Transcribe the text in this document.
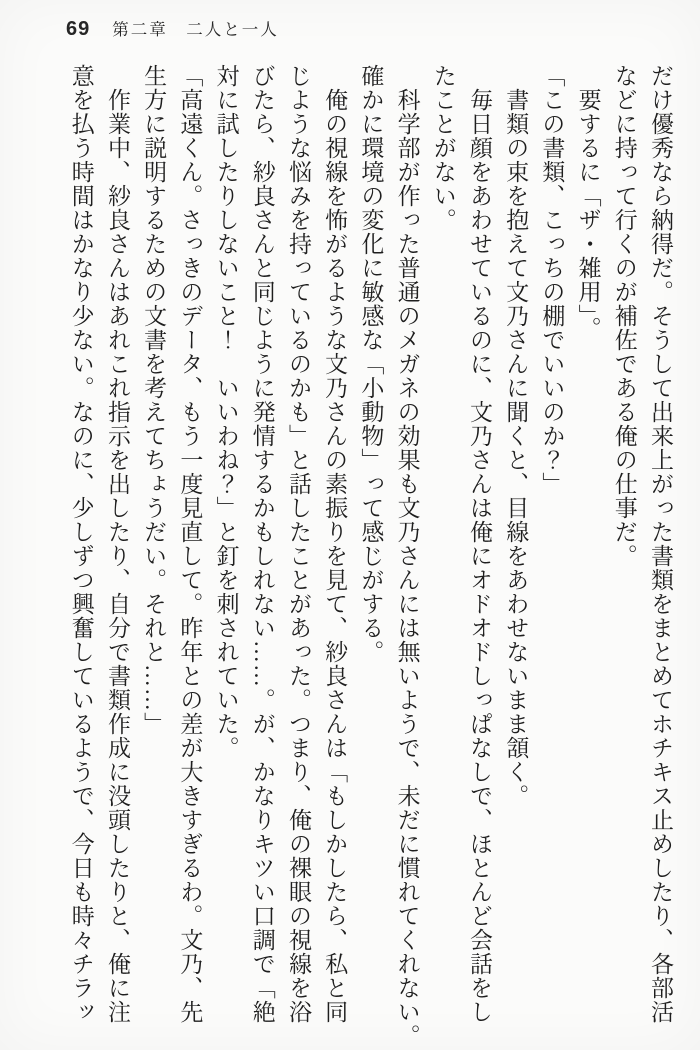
69 第二章　二人と一人
だけ優秀なら納得だ。そうして出来上がった書類をまとめてホチキス止めしたり、各部活
などに持って行くのが補佐である俺の仕事だ。
要するに「ザ・雑用」。
「この書類、こっちの棚でいいのか？」
書類の束を抱えて文乃さんに聞くと、目線をあわせないまま頷く。
毎日顔をあわせているのに、文乃さんは俺にオドオドしっぱなしで、ほとんど会話をし
たことがない。
科学部が作った普通のメガネの効果も文乃さんには無いようで、未だに慣れてくれない。
確かに環境の変化に敏感な「小動物」って感じがする。
俺の視線を怖がるような文乃さんの素振りを見て、紗良さんは「もしかしたら、私と同
じような悩みを持っているのかも」と話したことがあった。つまり、俺の裸眼の視線を浴
びたら、紗良さんと同じように発情するかもしれない……。が、かなりキツい口調で「絶
対に試したりしないこと！　いいわね？」と釘を刺されていた。
「高遠くん。さっきのデータ、もう一度見直して。昨年との差が大きすぎるわ。文乃、先
生方に説明するための文書を考えてちょうだい。それと……」
作業中、紗良さんはあれこれ指示を出したり、自分で書類作成に没頭したりと、俺に注
意を払う時間はかなり少ない。なのに、少しずつ興奮しているようで、今日も時々チラッ
